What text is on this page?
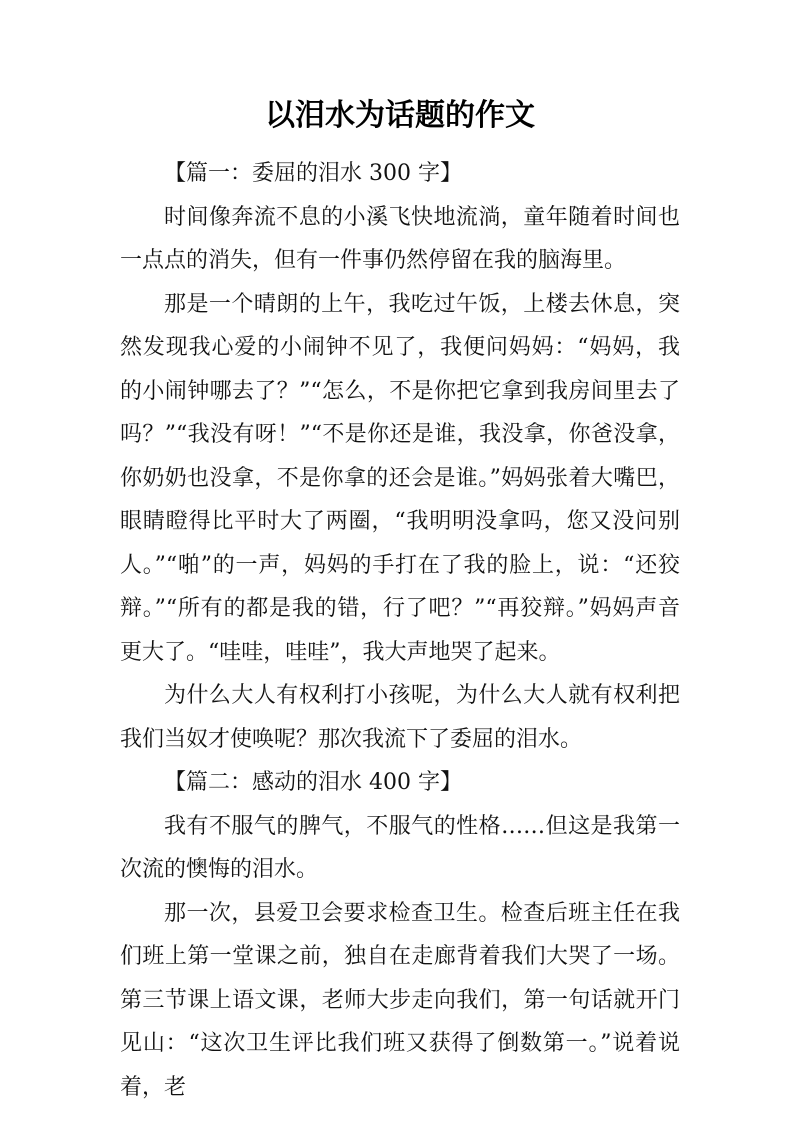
以泪水为话题的作文

【篇一：委屈的泪水 300 字】

时间像奔流不息的小溪飞快地流淌，童年随着时间也一点点的消失，但有一件事仍然停留在我的脑海里。

那是一个晴朗的上午，我吃过午饭，上楼去休息，突然发现我心爱的小闹钟不见了，我便问妈妈：“妈妈，我的小闹钟哪去了？”“怎么，不是你把它拿到我房间里去了吗？”“我没有呀！”“不是你还是谁，我没拿，你爸没拿，你奶奶也没拿，不是你拿的还会是谁。”妈妈张着大嘴巴，眼睛瞪得比平时大了两圈，“我明明没拿吗，您又没问别人。”“啪”的一声，妈妈的手打在了我的脸上，说：“还狡辩。”“所有的都是我的错，行了吧？”“再狡辩。”妈妈声音更大了。“哇哇，哇哇”，我大声地哭了起来。

为什么大人有权利打小孩呢，为什么大人就有权利把我们当奴才使唤呢？那次我流下了委屈的泪水。

【篇二：感动的泪水 400 字】

我有不服气的脾气，不服气的性格……但这是我第一次流的懊悔的泪水。

那一次，县爱卫会要求检查卫生。检查后班主任在我们班上第一堂课之前，独自在走廊背着我们大哭了一场。第三节课上语文课，老师大步走向我们，第一句话就开门见山：“这次卫生评比我们班又获得了倒数第一。”说着说着，老
